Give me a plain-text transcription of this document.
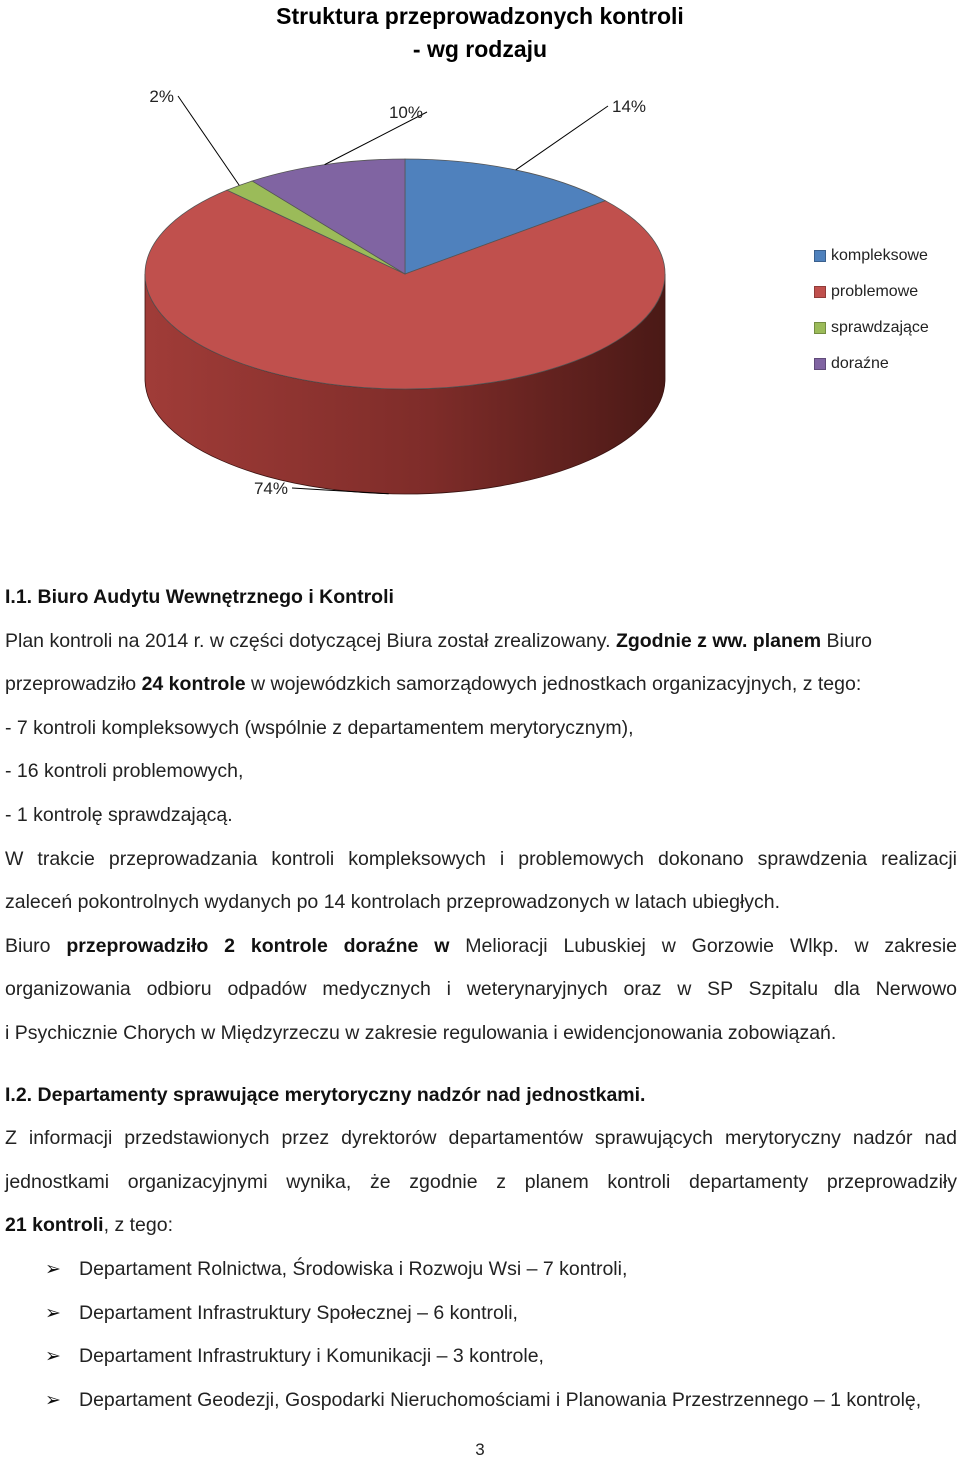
Struktura przeprowadzonych kontroli
- wg rodzaju
14%
74%
2%
10%
kompleksowe
problemowe
sprawdzające
doraźne
I.1. Biuro Audytu Wewnętrznego i Kontroli
Plan kontroli na 2014 r. w części dotyczącej Biura został zrealizowany. Zgodnie z ww. planem Biuro
przeprowadziło 24 kontrole w wojewódzkich samorządowych jednostkach organizacyjnych, z tego:
- 7 kontroli kompleksowych (wspólnie z departamentem merytorycznym),
- 16 kontroli problemowych,
- 1 kontrolę sprawdzającą.
W trakcie przeprowadzania kontroli kompleksowych i problemowych dokonano sprawdzenia realizacji
zaleceń pokontrolnych wydanych po 14 kontrolach przeprowadzonych w latach ubiegłych.
Biuro przeprowadziło 2 kontrole doraźne w Melioracji Lubuskiej w Gorzowie Wlkp. w zakresie
organizowania odbioru odpadów medycznych i weterynaryjnych oraz w SP Szpitalu dla Nerwowo
i Psychicznie Chorych w Międzyrzeczu w zakresie regulowania i ewidencjonowania zobowiązań.
I.2. Departamenty sprawujące merytoryczny nadzór nad jednostkami.
Z informacji przedstawionych przez dyrektorów departamentów sprawujących merytoryczny nadzór nad
jednostkami organizacyjnymi wynika, że zgodnie z planem kontroli departamenty przeprowadziły
21 kontroli, z tego:
➢ Departament Rolnictwa, Środowiska i Rozwoju Wsi – 7 kontroli,
➢ Departament Infrastruktury Społecznej – 6 kontroli,
➢ Departament Infrastruktury i Komunikacji – 3 kontrole,
➢ Departament Geodezji, Gospodarki Nieruchomościami i Planowania Przestrzennego – 1 kontrolę,
3
